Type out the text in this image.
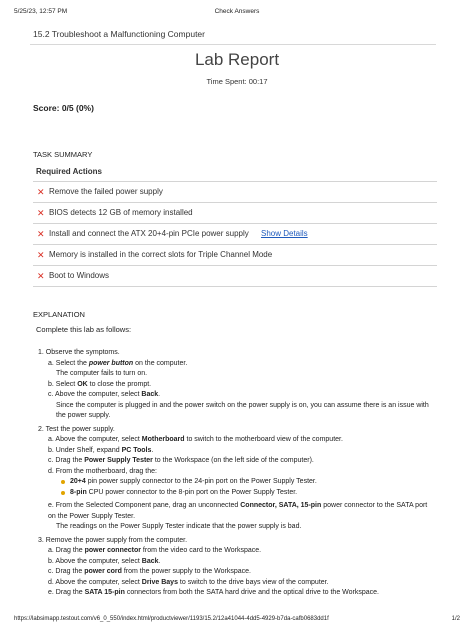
5/25/23, 12:57 PM	Check Answers
15.2 Troubleshoot a Malfunctioning Computer
Lab Report
Time Spent: 00:17
Score: 0/5 (0%)
TASK SUMMARY
Required Actions
✕ Remove the failed power supply
✕ BIOS detects 12 GB of memory installed
✕ Install and connect the ATX 20+4-pin PCIe power supply Show Details
✕ Memory is installed in the correct slots for Triple Channel Mode
✕ Boot to Windows
EXPLANATION
Complete this lab as follows:
1. Observe the symptoms.
a. Select the power button on the computer.
The computer fails to turn on.
b. Select OK to close the prompt.
c. Above the computer, select Back.
Since the computer is plugged in and the power switch on the power supply is on, you can assume there is an issue with the power supply.
2. Test the power supply.
a. Above the computer, select Motherboard to switch to the motherboard view of the computer.
b. Under Shelf, expand PC Tools.
c. Drag the Power Supply Tester to the Workspace (on the left side of the computer).
d. From the motherboard, drag the:
20+4 pin power supply connector to the 24-pin port on the Power Supply Tester.
8-pin CPU power connector to the 8-pin port on the Power Supply Tester.
e. From the Selected Component pane, drag an unconnected Connector, SATA, 15-pin power connector to the SATA port on the Power Supply Tester.
The readings on the Power Supply Tester indicate that the power supply is bad.
3. Remove the power supply from the computer.
a. Drag the power connector from the video card to the Workspace.
b. Above the computer, select Back.
c. Drag the power cord from the power supply to the Workspace.
d. Above the computer, select Drive Bays to switch to the drive bays view of the computer.
e. Drag the SATA 15-pin connectors from both the SATA hard drive and the optical drive to the Workspace.
https://labsimapp.testout.com/v6_0_550/index.html/productviewer/1193/15.2/12a41044-4dd5-4929-b7da-cafb0683dd1f	1/2
